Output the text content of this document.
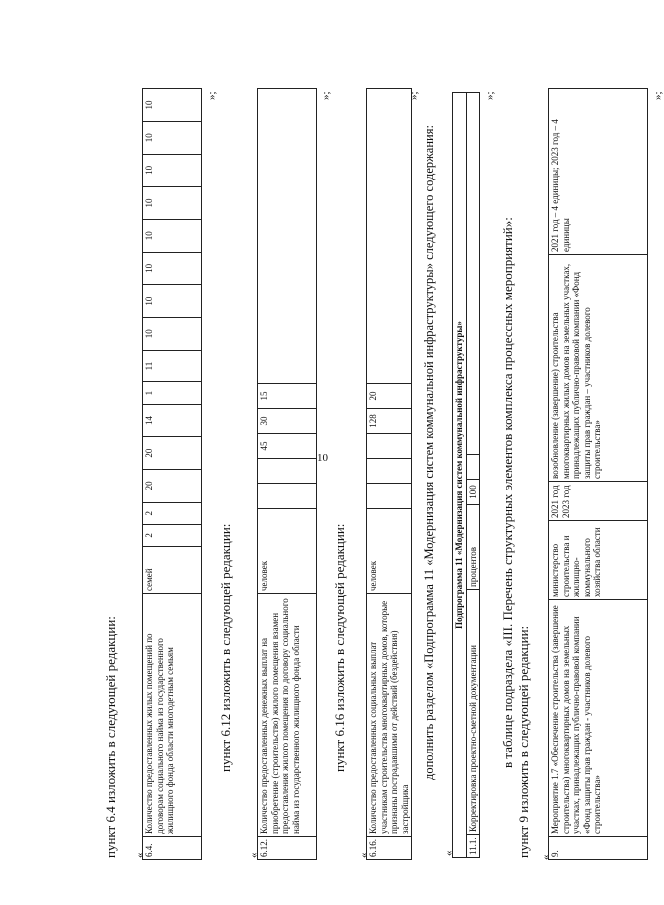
10
пункт 6.4 изложить в следующей редакции: «
6.4.	Количество предоставленных жилых помещений по договорам социального найма из государственного жилищного фонда области многодетным семьям	семей	2	2	20	20	14	1	11	10	10	10	10	10	10	10	10
»;
пункт 6.12 изложить в следующей редакции:
« 6.12.	Количество предоставленных денежных выплат на приобретение (строительство) жилого помещения взамен предоставления жилого помещения по договору социального найма из государственного жилищного фонда области	человек			45	30	15	
»;
пункт 6.16 изложить в следующей редакции:
«
6.16.	Количество предоставленных социальных выплат участникам строительства многоквартирных домов, которые признаны пострадавшими от действий (бездействия) застройщика	человек				128	20	
»;
дополнить разделом «Подпрограмма 11 «Модернизация систем коммунальной инфраструктуры» следующего содержания:
«
Подпрограмма 11 «Модернизация систем коммунальной инфраструктуры»
11.1.	Корректировка проектно-сметной документации	процентов	100		
»;
в таблице подраздела «III. Перечень структурных элементов комплекса процессных мероприятий»: пункт 9 изложить в следующей редакции: «
9.	Мероприятие 1.7 «Обеспечение строительства (завершение строительства) многоквартирных домов на земельных участках, принадлежащих публично-правовой компании «Фонд защиты прав граждан - участников долевого строительства»	министерство строительства и жилищно-коммунального хозяйства области	2021 год 2023 год	возобновление (завершение) строительства многоквартирных жилых домов на земельных участках, принадлежащих публично-правовой компании «Фонд защиты прав граждан – участников долевого строительства»	2021 год – 4 единицы; 2023 год – 4 единицы
»;
